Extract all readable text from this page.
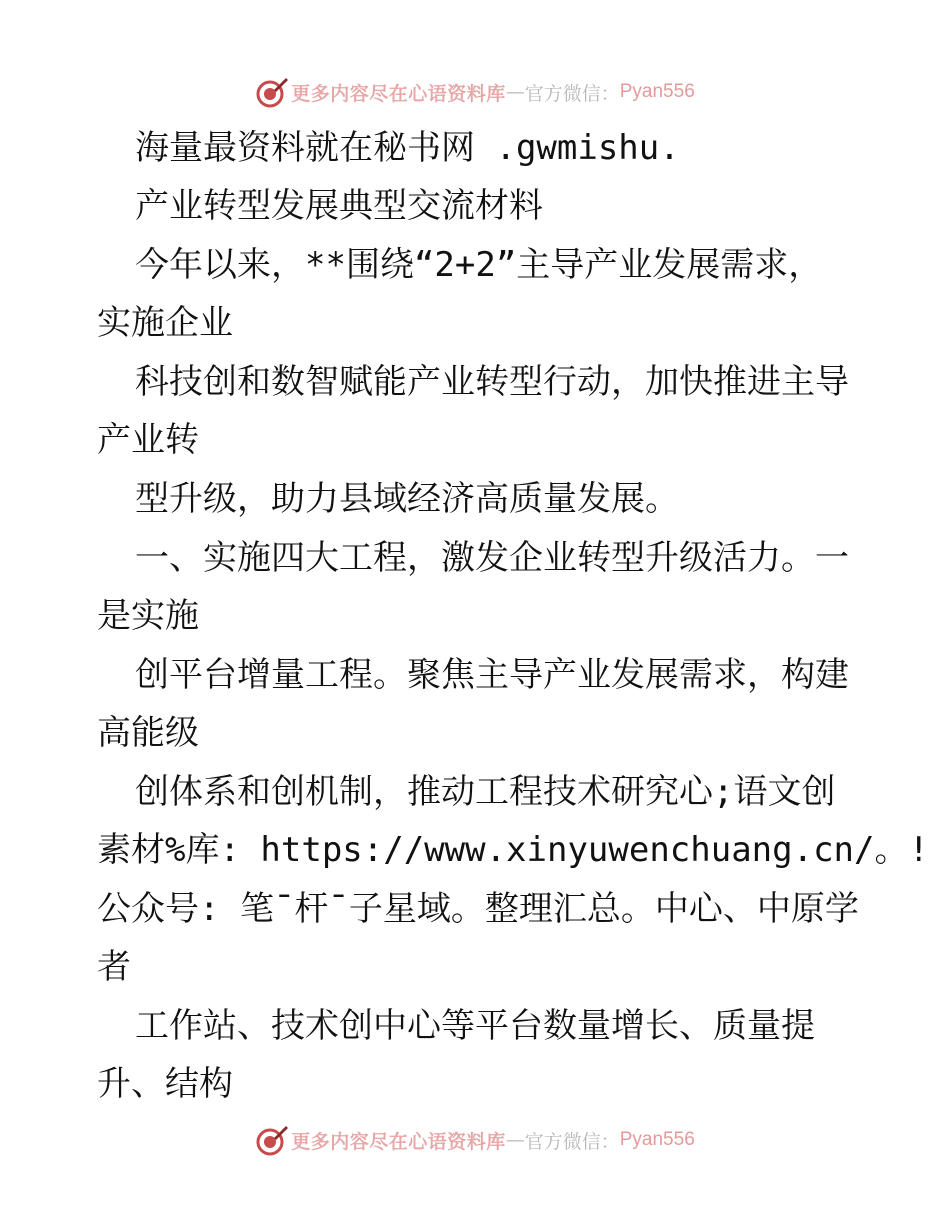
更多内容尽在心语资料库 — 官方微信： Pyan556
海量最资料就在秘书网 .gwmishu.
产业转型发展典型交流材料
今年以来，**围绕“2+2”主导产业发展需求，
实施企业
科技创和数智赋能产业转型行动，加快推进主导
产业转
型升级，助力县域经济高质量发展。
一、实施四大工程，激发企业转型升级活力。一
是实施
创平台增量工程。聚焦主导产业发展需求，构建
高能级
创体系和创机制，推动工程技术研究心;语文创
素材%库: https://www.xinyuwenchuang.cn/。!
公众号: 笔¯杆¯子星域。整理汇总。中心、中原学
者
工作站、技术创中心等平台数量增长、质量提
升、结构
更多内容尽在心语资料库 — 官方微信： Pyan556
